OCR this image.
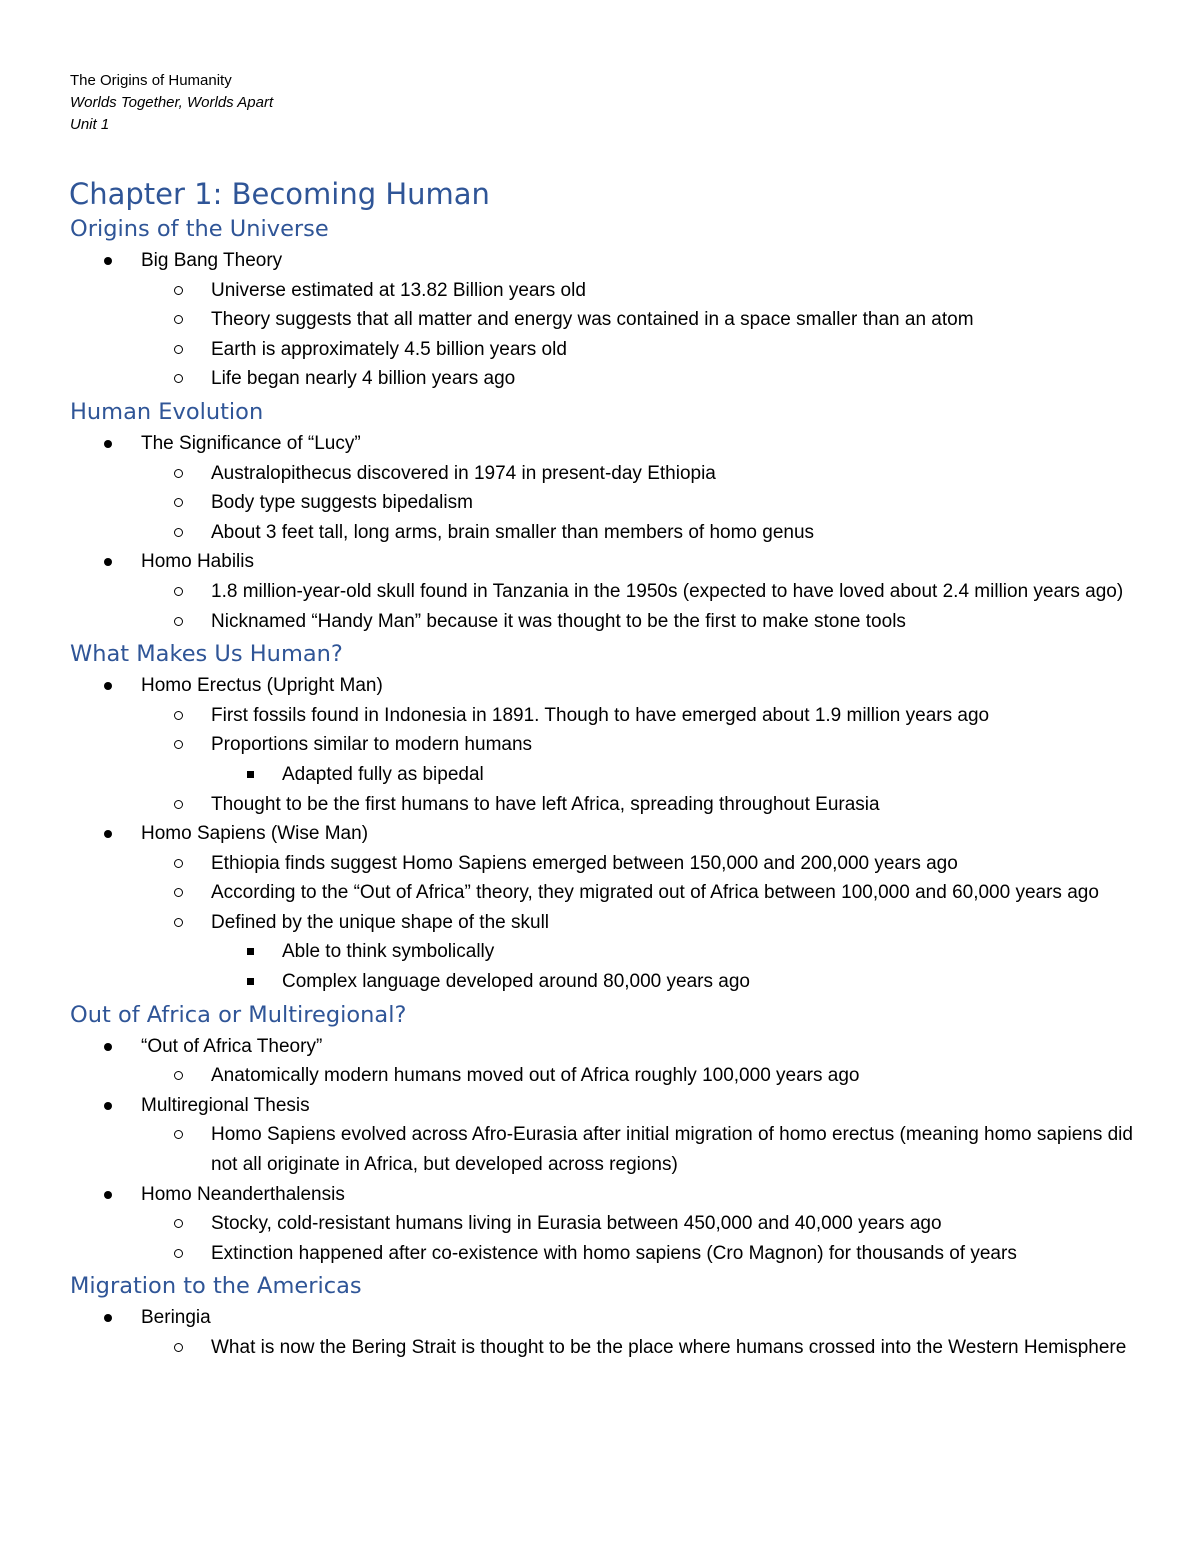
The Origins of Humanity

Worlds Together, Worlds Apart

Unit 1

Chapter 1: Becoming Human
Origins of the Universe
Big Bang Theory
Universe estimated at 13.82 Billion years old
Theory suggests that all matter and energy was contained in a space smaller than an atom
Earth is approximately 4.5 billion years old
Life began nearly 4 billion years ago
Human Evolution
The Significance of “Lucy”
Australopithecus discovered in 1974 in present-day Ethiopia
Body type suggests bipedalism
About 3 feet tall, long arms, brain smaller than members of homo genus
Homo Habilis
1.8 million-year-old skull found in Tanzania in the 1950s (expected to have loved about 2.4 million years ago)
Nicknamed “Handy Man” because it was thought to be the first to make stone tools
What Makes Us Human?
Homo Erectus (Upright Man)
First fossils found in Indonesia in 1891. Though to have emerged about 1.9 million years ago
Proportions similar to modern humans
Adapted fully as bipedal
Thought to be the first humans to have left Africa, spreading throughout Eurasia
Homo Sapiens (Wise Man)
Ethiopia finds suggest Homo Sapiens emerged between 150,000 and 200,000 years ago
According to the “Out of Africa” theory, they migrated out of Africa between 100,000 and 60,000 years ago
Defined by the unique shape of the skull
Able to think symbolically
Complex language developed around 80,000 years ago
Out of Africa or Multiregional?
“Out of Africa Theory”
Anatomically modern humans moved out of Africa roughly 100,000 years ago
Multiregional Thesis
Homo Sapiens evolved across Afro-Eurasia after initial migration of homo erectus (meaning homo sapiens did not all originate in Africa, but developed across regions)
Homo Neanderthalensis
Stocky, cold-resistant humans living in Eurasia between 450,000 and 40,000 years ago
Extinction happened after co-existence with homo sapiens (Cro Magnon) for thousands of years
Migration to the Americas
Beringia
What is now the Bering Strait is thought to be the place where humans crossed into the Western Hemisphere
